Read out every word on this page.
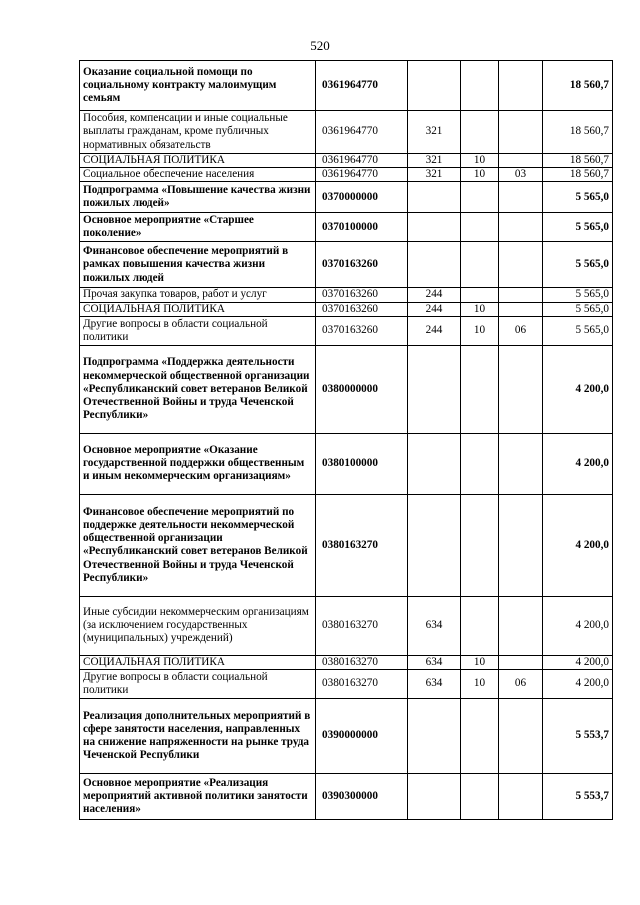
520
Оказание социальной помощи по социальному контракту малоимущим семьям	0361964770				18 560,7
Пособия, компенсации и иные социальные выплаты гражданам, кроме публичных нормативных обязательств	0361964770	321			18 560,7
СОЦИАЛЬНАЯ ПОЛИТИКА	0361964770	321	10		18 560,7
Социальное обеспечение населения	0361964770	321	10	03	18 560,7
Подпрограмма «Повышение качества жизни пожилых людей»	0370000000				5 565,0
Основное мероприятие «Старшее поколение»	0370100000				5 565,0
Финансовое обеспечение мероприятий в рамках повышения качества жизни пожилых людей	0370163260				5 565,0
Прочая закупка товаров, работ и услуг	0370163260	244			5 565,0
СОЦИАЛЬНАЯ ПОЛИТИКА	0370163260	244	10		5 565,0
Другие вопросы в области социальной политики	0370163260	244	10	06	5 565,0
Подпрограмма «Поддержка деятельности некоммерческой общественной организации «Республиканский совет ветеранов Великой Отечественной Войны и труда Чеченской Республики»	0380000000				4 200,0
Основное мероприятие «Оказание государственной поддержки общественным и иным некоммерческим организациям»	0380100000				4 200,0
Финансовое обеспечение мероприятий по поддержке деятельности некоммерческой общественной организации «Республиканский совет ветеранов Великой Отечественной Войны и труда Чеченской Республики»	0380163270				4 200,0
Иные субсидии некоммерческим организациям (за исключением государственных (муниципальных) учреждений)	0380163270	634			4 200,0
СОЦИАЛЬНАЯ ПОЛИТИКА	0380163270	634	10		4 200,0
Другие вопросы в области социальной политики	0380163270	634	10	06	4 200,0
Реализация дополнительных мероприятий в сфере занятости населения, направленных на снижение напряженности на рынке труда Чеченской Республики	0390000000				5 553,7
Основное мероприятие «Реализация мероприятий активной политики занятости населения»	0390300000				5 553,7
